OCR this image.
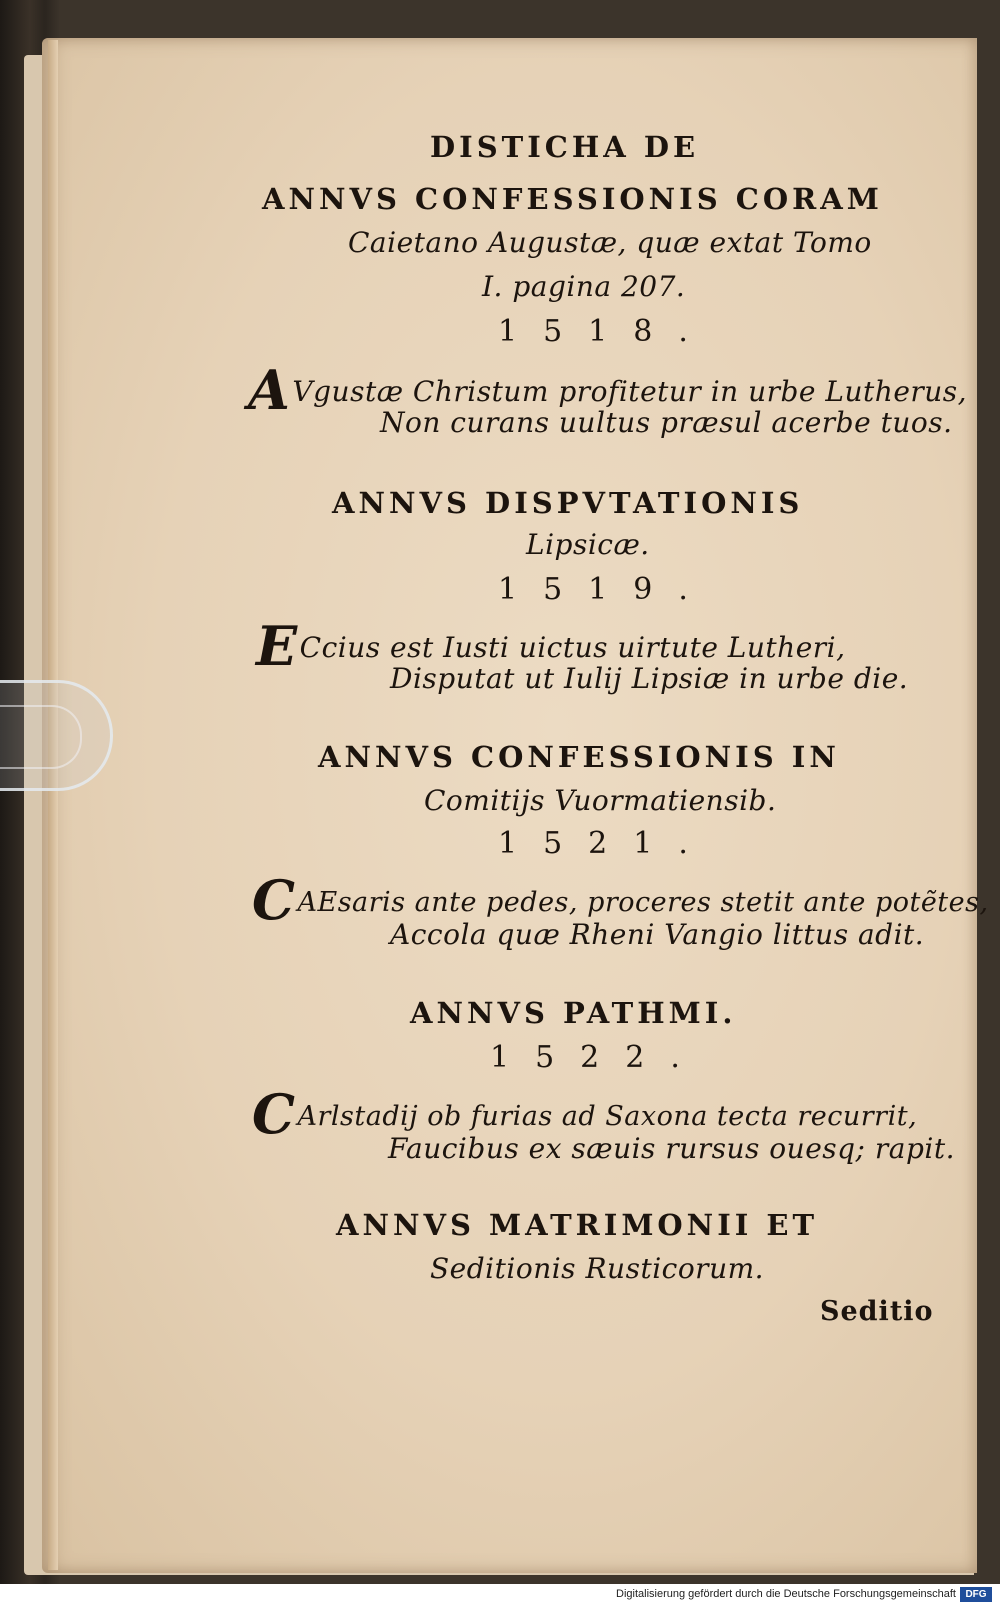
DISTICHA DE
ANNVS CONFESSIONIS CORAM
Caietano Augustæ, quæ extat Tomo
I. pagina 207.
1518.
AVgustæ Christum profitetur in urbe Lutherus,
Non curans uultus præsul acerbe tuos.
ANNVS DISPVTATIONIS
Lipsicæ.
1519.
ECcius est Iusti uictus uirtute Lutheri,
Disputat ut Iulij Lipsiæ in urbe die.
ANNVS CONFESSIONIS IN
Comitijs Vuormatiensib.
1521.
CAEsaris ante pedes, proceres stetit ante potẽtes,
Accola quæ Rheni Vangio littus adit.
ANNVS PATHMI.
1522.
CArlstadij ob furias ad Saxona tecta recurrit,
Faucibus ex sæuis rursus ouesq; rapit.
ANNVS MATRIMONII ET
Seditionis Rusticorum.
Seditio
Digitalisierung gefördert durch die Deutsche Forschungsgemeinschaft DFG
